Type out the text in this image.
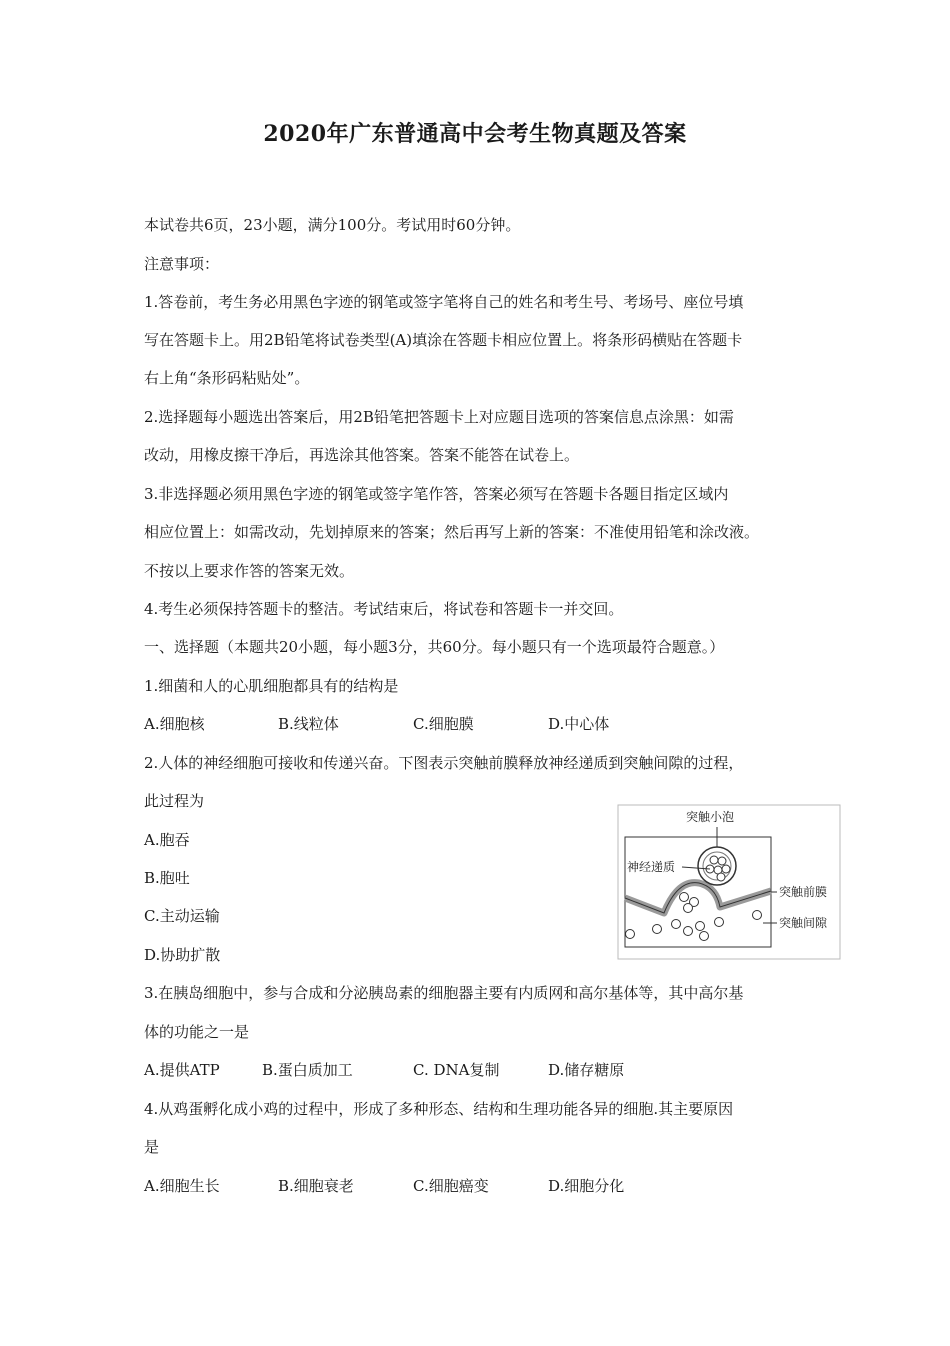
2020年广东普通高中会考生物真题及答案
本试卷共6页，23小题，满分100分。考试用时60分钟。
注意事项：
1.答卷前，考生务必用黑色字迹的钢笔或签字笔将自己的姓名和考生号、考场号、座位号填
写在答题卡上。用2B铅笔将试卷类型(A)填涂在答题卡相应位置上。将条形码横贴在答题卡
右上角“条形码粘贴处”。
2.选择题每小题选出答案后，用2B铅笔把答题卡上对应题目选项的答案信息点涂黑：如需
改动，用橡皮擦干净后，再选涂其他答案。答案不能答在试卷上。
3.非选择题必须用黑色字迹的钢笔或签字笔作答，答案必须写在答题卡各题目指定区域内
相应位置上：如需改动，先划掉原来的答案；然后再写上新的答案：不准使用铅笔和涂改液。
不按以上要求作答的答案无效。
4.考生必须保持答题卡的整洁。考试结束后，将试卷和答题卡一并交回。
一、选择题（本题共20小题，每小题3分，共60分。每小题只有一个选项最符合题意。）
1.细菌和人的心肌细胞都具有的结构是
A.细胞核	B.线粒体	C.细胞膜	D.中心体
2.人体的神经细胞可接收和传递兴奋。下图表示突触前膜释放神经递质到突触间隙的过程，
此过程为
A.胞吞
B.胞吐
C.主动运输
D.协助扩散
突触小泡
神经递质
突触前膜
突触间隙
3.在胰岛细胞中，参与合成和分泌胰岛素的细胞器主要有内质网和高尔基体等，其中高尔基
体的功能之一是
A.提供ATP	B.蛋白质加工	C. DNA复制	D.储存糖原
4.从鸡蛋孵化成小鸡的过程中，形成了多种形态、结构和生理功能各异的细胞.其主要原因
是
A.细胞生长	B.细胞衰老	C.细胞癌变	D.细胞分化
